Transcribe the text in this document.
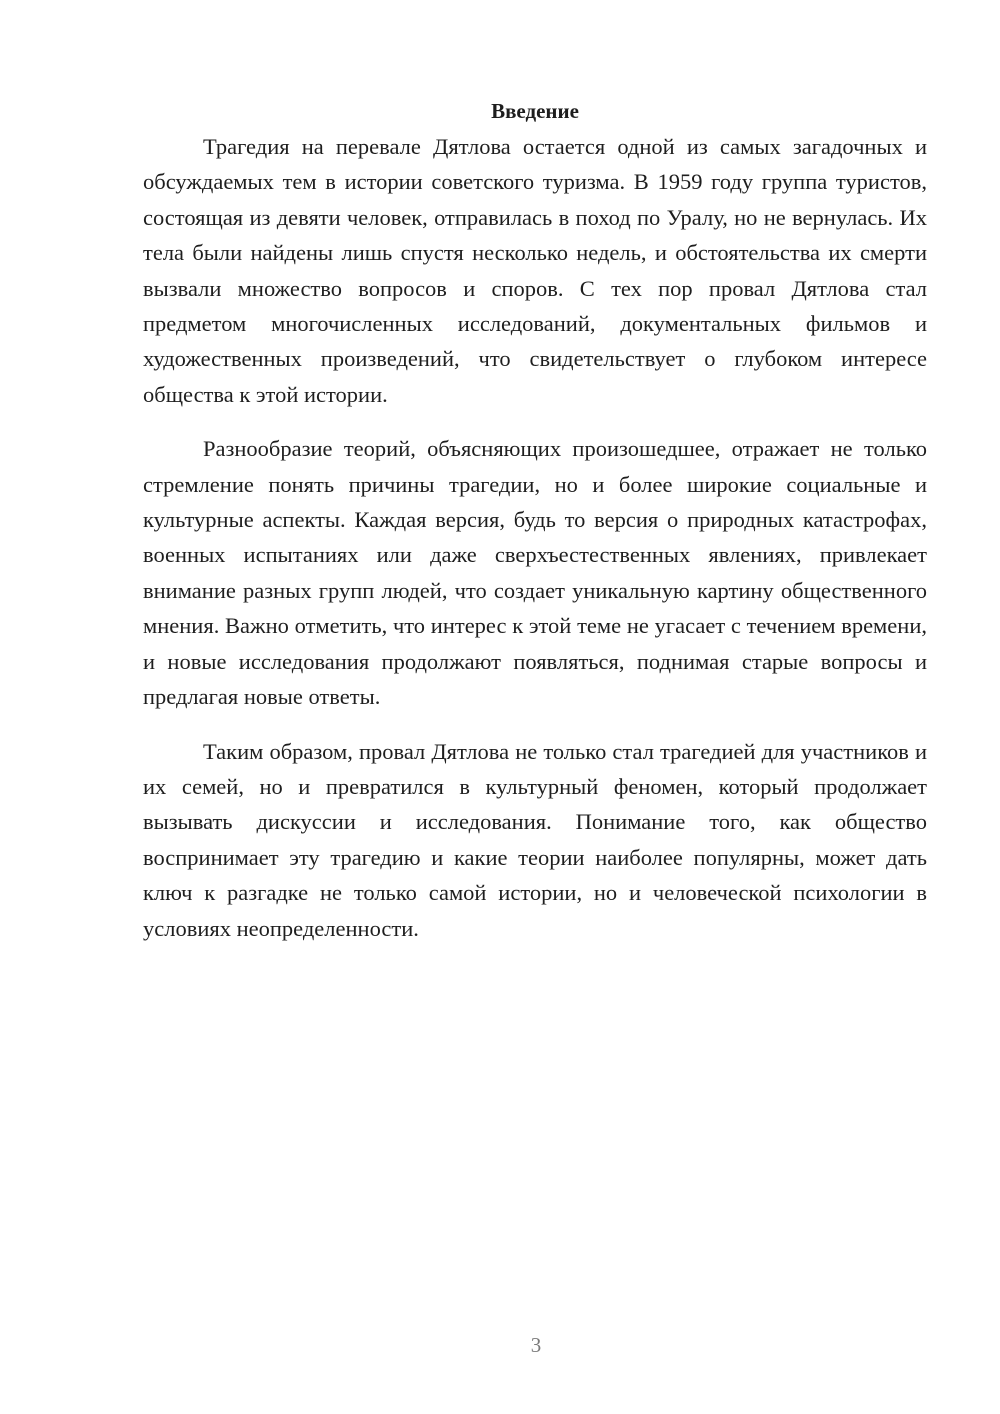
Введение

Трагедия на перевале Дятлова остается одной из самых загадочных и обсуждаемых тем в истории советского туризма. В 1959 году группа туристов, состоящая из девяти человек, отправилась в поход по Уралу, но не вернулась. Их тела были найдены лишь спустя несколько недель, и обстоятельства их смерти вызвали множество вопросов и споров. С тех пор провал Дятлова стал предметом многочисленных исследований, документальных фильмов и художественных произведений, что свидетельствует о глубоком интересе общества к этой истории.

Разнообразие теорий, объясняющих произошедшее, отражает не только стремление понять причины трагедии, но и более широкие социальные и культурные аспекты. Каждая версия, будь то версия о природных катастрофах, военных испытаниях или даже сверхъестественных явлениях, привлекает внимание разных групп людей, что создает уникальную картину общественного мнения. Важно отметить, что интерес к этой теме не угасает с течением времени, и новые исследования продолжают появляться, поднимая старые вопросы и предлагая новые ответы.

Таким образом, провал Дятлова не только стал трагедией для участников и их семей, но и превратился в культурный феномен, который продолжает вызывать дискуссии и исследования. Понимание того, как общество воспринимает эту трагедию и какие теории наиболее популярны, может дать ключ к разгадке не только самой истории, но и человеческой психологии в условиях неопределенности.

3
